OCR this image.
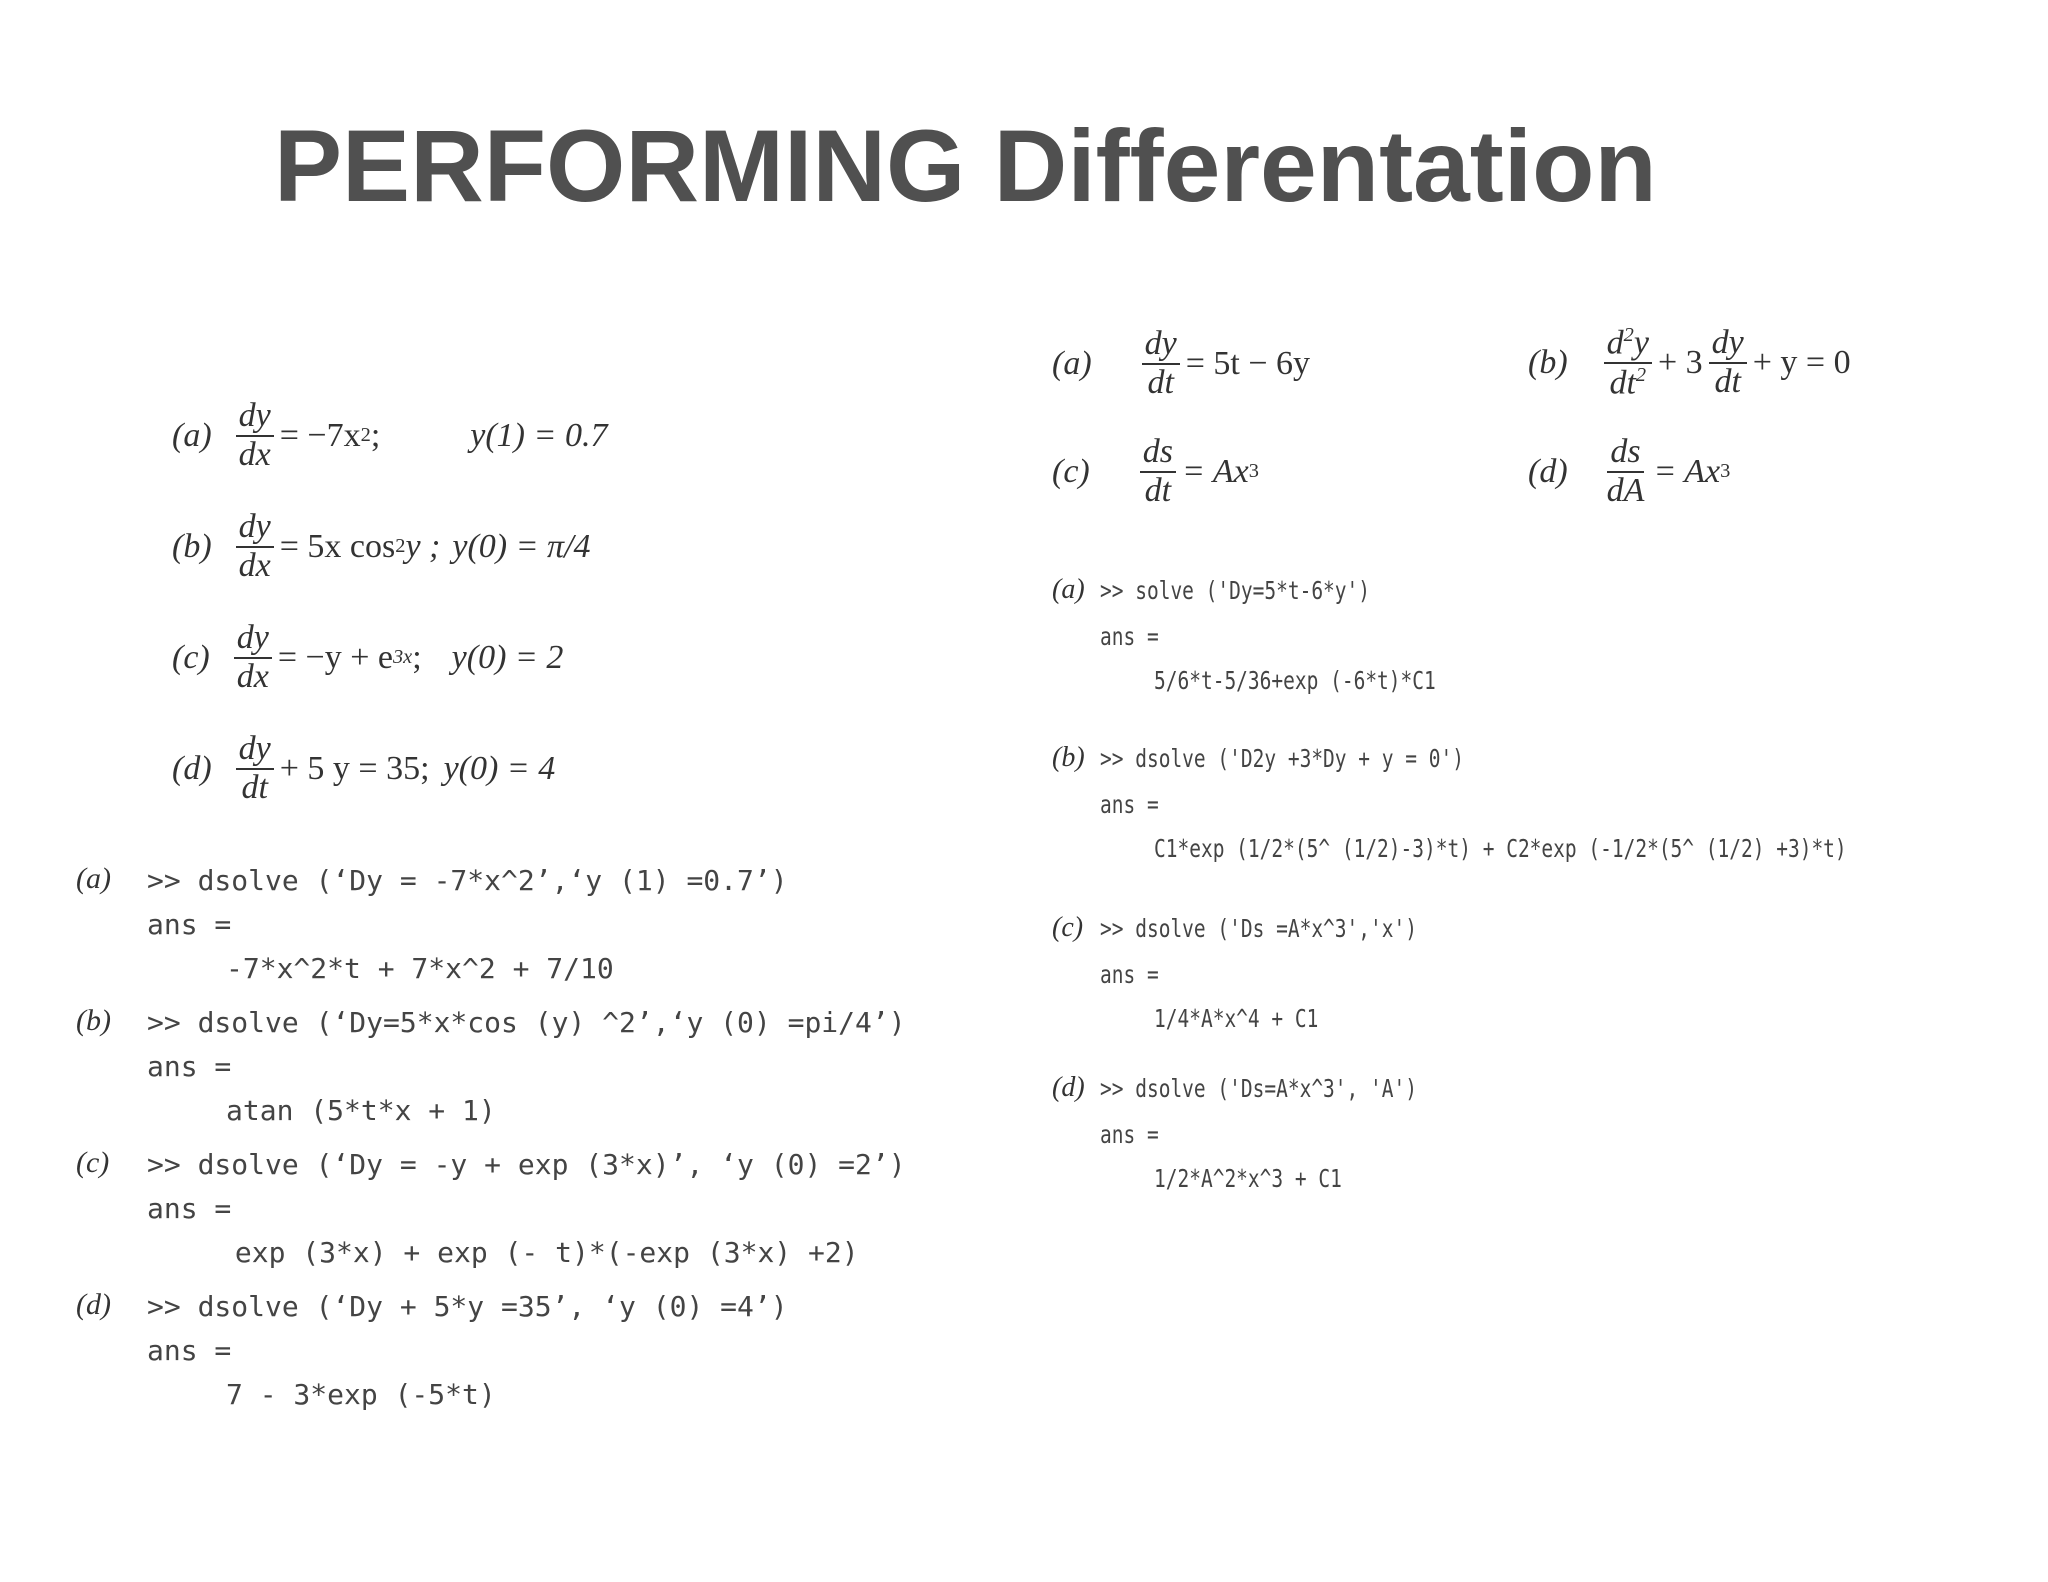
PERFORMING Differentation
$(a) \frac{dy}{dx} = -7x$ 2 ;	y(1) = 0.7
$(b) \frac{dy}{dx} = 5x$ cos 2 y ; y(0) = π/4
$(c) \frac{dy}{dx} = -y + e$ 3x ; y(0) = 2
$(d) \frac{dy}{dt} + 5$ y = 35 ; y(0) = 4
(a) >> dsolve (‘Dy = -7*x^2’,‘y (1) =0.7’)
ans =
-7*x^2*t + 7*x^2 + 7/10
(b) >> dsolve (‘Dy=5*x*cos (y) ^2’,‘y (0) =pi/4’)
ans =
atan (5*t*x + 1)
(c) >> dsolve (‘Dy = -y + exp (3*x)’, ‘y (0) =2’)
ans =
exp (3*x) + exp (- t)*(-exp (3*x) +2)
(d) >> dsolve (‘Dy + 5*y =35’, ‘y (0) =4’)
ans =
7 - 3*exp (-5*t)
$(a) \frac{dy}{dt} = 5t - 6y$	$(b) \frac{d^2y}{dt^2} + 3 \frac{dy}{dt} + y = 0$
$(c) \frac{ds}{dt} = Ax$ 3	$(d) \frac{ds}{dA} = Ax$ 3
(a) >> solve ('Dy=5*t-6*y')
ans =
5/6*t-5/36+exp (-6*t)*C1
(b) >> dsolve ('D2y +3*Dy + y = 0')
ans =
C1*exp (1/2*(5^ (1/2)-3)*t) + C2*exp (-1/2*(5^ (1/2) +3)*t)
(c) >> dsolve ('Ds =A*x^3','x')
ans =
1/4*A*x^4 + C1
(d) >> dsolve ('Ds=A*x^3', 'A')
ans =
1/2*A^2*x^3 + C1
